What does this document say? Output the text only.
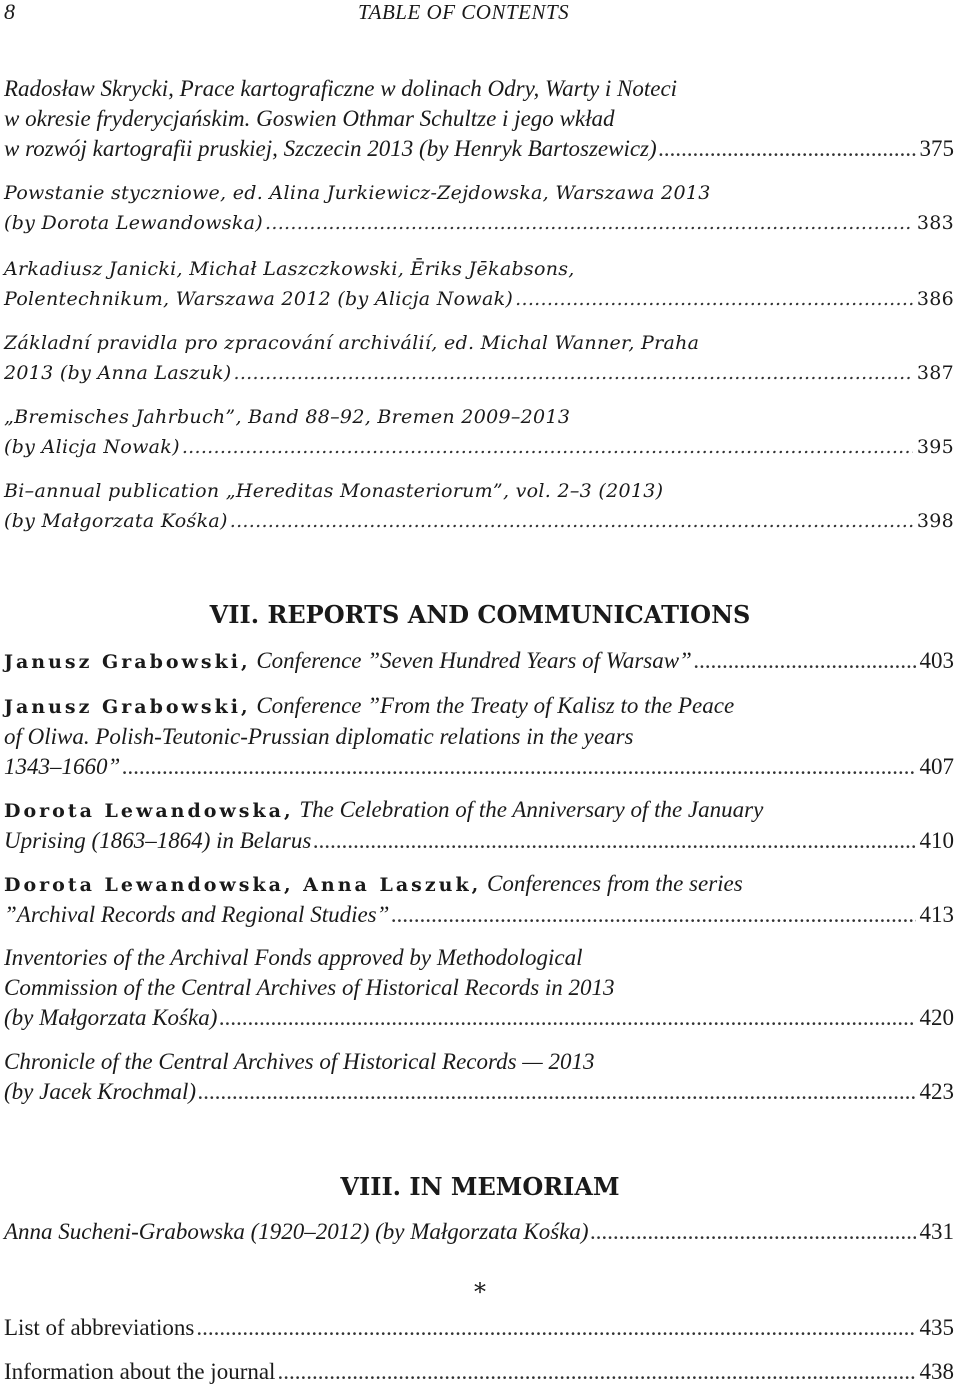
8	TABLE OF CONTENTS
Radosław Skrycki, Prace kartograficzne w dolinach Odry, Warty i Noteci
w okresie fryderycjańskim. Goswien Othmar Schultze i jego wkład
w rozwój kartografii pruskiej, Szczecin 2013 (by Henryk Bartoszewicz) .....	375
Powstanie styczniowe, ed. Alina Jurkiewicz-Zejdowska, Warszawa 2013
(by Dorota Lewandowska) .....	383
Arkadiusz Janicki, Michał Laszczkowski, Ēriks Jēkabsons,
Polentechnikum, Warszawa 2012 (by Alicja Nowak) .....	386
Základní pravidla pro zpracování archiválií, ed. Michal Wanner, Praha
2013 (by Anna Laszuk) .....	387
„Bremisches Jahrbuch”, Band 88–92, Bremen 2009–2013
(by Alicja Nowak) .....	395
Bi–annual publication „Hereditas Monasteriorum”, vol. 2–3 (2013)
(by Małgorzata Kośka) .....	398
VII. REPORTS AND COMMUNICATIONS
Janusz Grabowski, Conference ”Seven Hundred Years of Warsaw” .....	403
Janusz Grabowski, Conference ”From the Treaty of Kalisz to the Peace
of Oliwa. Polish-Teutonic-Prussian diplomatic relations in the years
1343–1660” .....	407
Dorota Lewandowska, The Celebration of the Anniversary of the January
Uprising (1863–1864) in Belarus .....	410
Dorota Lewandowska, Anna Laszuk, Conferences from the series
”Archival Records and Regional Studies” .....	413
Inventories of the Archival Fonds approved by Methodological
Commission of the Central Archives of Historical Records in 2013
(by Małgorzata Kośka) .....	420
Chronicle of the Central Archives of Historical Records — 2013
(by Jacek Krochmal) .....	423
VIII. IN MEMORIAM
Anna Sucheni-Grabowska (1920–2012) (by Małgorzata Kośka) .....	431
*
List of abbreviations .....	435
Information about the journal .....	438
